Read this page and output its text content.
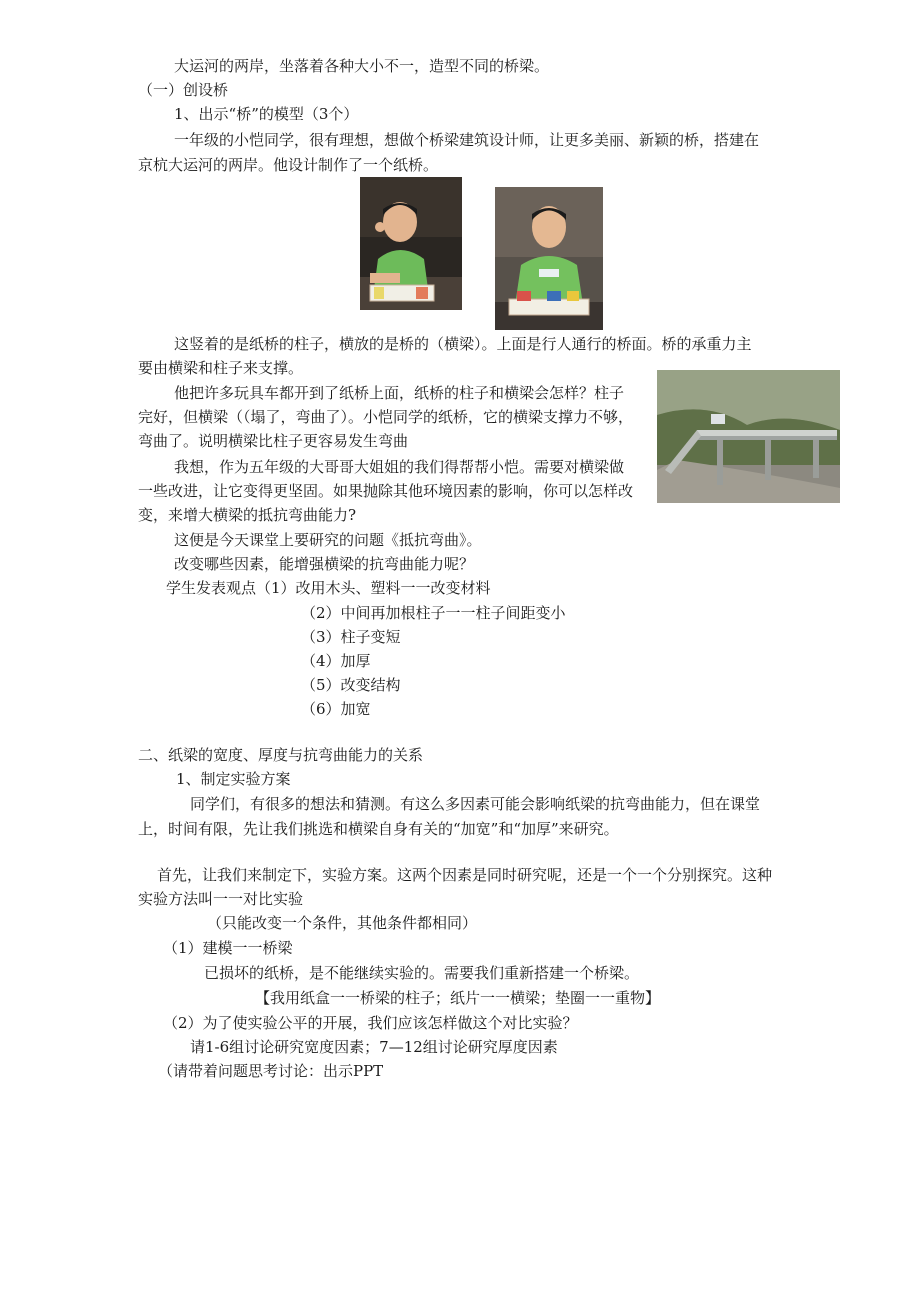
大运河的两岸，坐落着各种大小不一，造型不同的桥梁。
（一）创设桥
1、出示“桥”的模型（3个）
一年级的小恺同学，很有理想，想做个桥梁建筑设计师，让更多美丽、新颖的桥，搭建在
京杭大运河的两岸。他设计制作了一个纸桥。
这竖着的是纸桥的柱子，横放的是桥的（横梁）。上面是行人通行的桥面。桥的承重力主
要由横梁和柱子来支撑。
他把许多玩具车都开到了纸桥上面，纸桥的柱子和横梁会怎样？柱子
完好，但横梁（（塌了，弯曲了）。小恺同学的纸桥，它的横梁支撑力不够，
弯曲了。说明横梁比柱子更容易发生弯曲
我想，作为五年级的大哥哥大姐姐的我们得帮帮小恺。需要对横梁做
一些改进，让它变得更坚固。如果抛除其他环境因素的影响，你可以怎样改
变，来增大横梁的抵抗弯曲能力?
这便是今天课堂上要研究的问题《抵抗弯曲》。
改变哪些因素，能增强横梁的抗弯曲能力呢？
学生发表观点（1）改用木头、塑料一一改变材料
（2）中间再加根柱子一一柱子间距变小
（3）柱子变短
（4）加厚
（5）改变结构
（6）加宽
二、纸梁的宽度、厚度与抗弯曲能力的关系
1、制定实验方案
同学们，有很多的想法和猜测。有这么多因素可能会影响纸梁的抗弯曲能力，但在课堂
上，时间有限，先让我们挑选和横梁自身有关的“加宽”和“加厚”来研究。
首先，让我们来制定下，实验方案。这两个因素是同时研究呢，还是一个一个分别探究。这种
实验方法叫一一对比实验
（只能改变一个条件，其他条件都相同）
（1）建模一一桥梁
已损坏的纸桥，是不能继续实验的。需要我们重新搭建一个桥梁。
【我用纸盒一一桥梁的柱子；纸片一一横梁；垫圈一一重物】
（2）为了使实验公平的开展，我们应该怎样做这个对比实验？
请1-6组讨论研究宽度因素；7—12组讨论研究厚度因素
（请带着问题思考讨论：出示PPT
